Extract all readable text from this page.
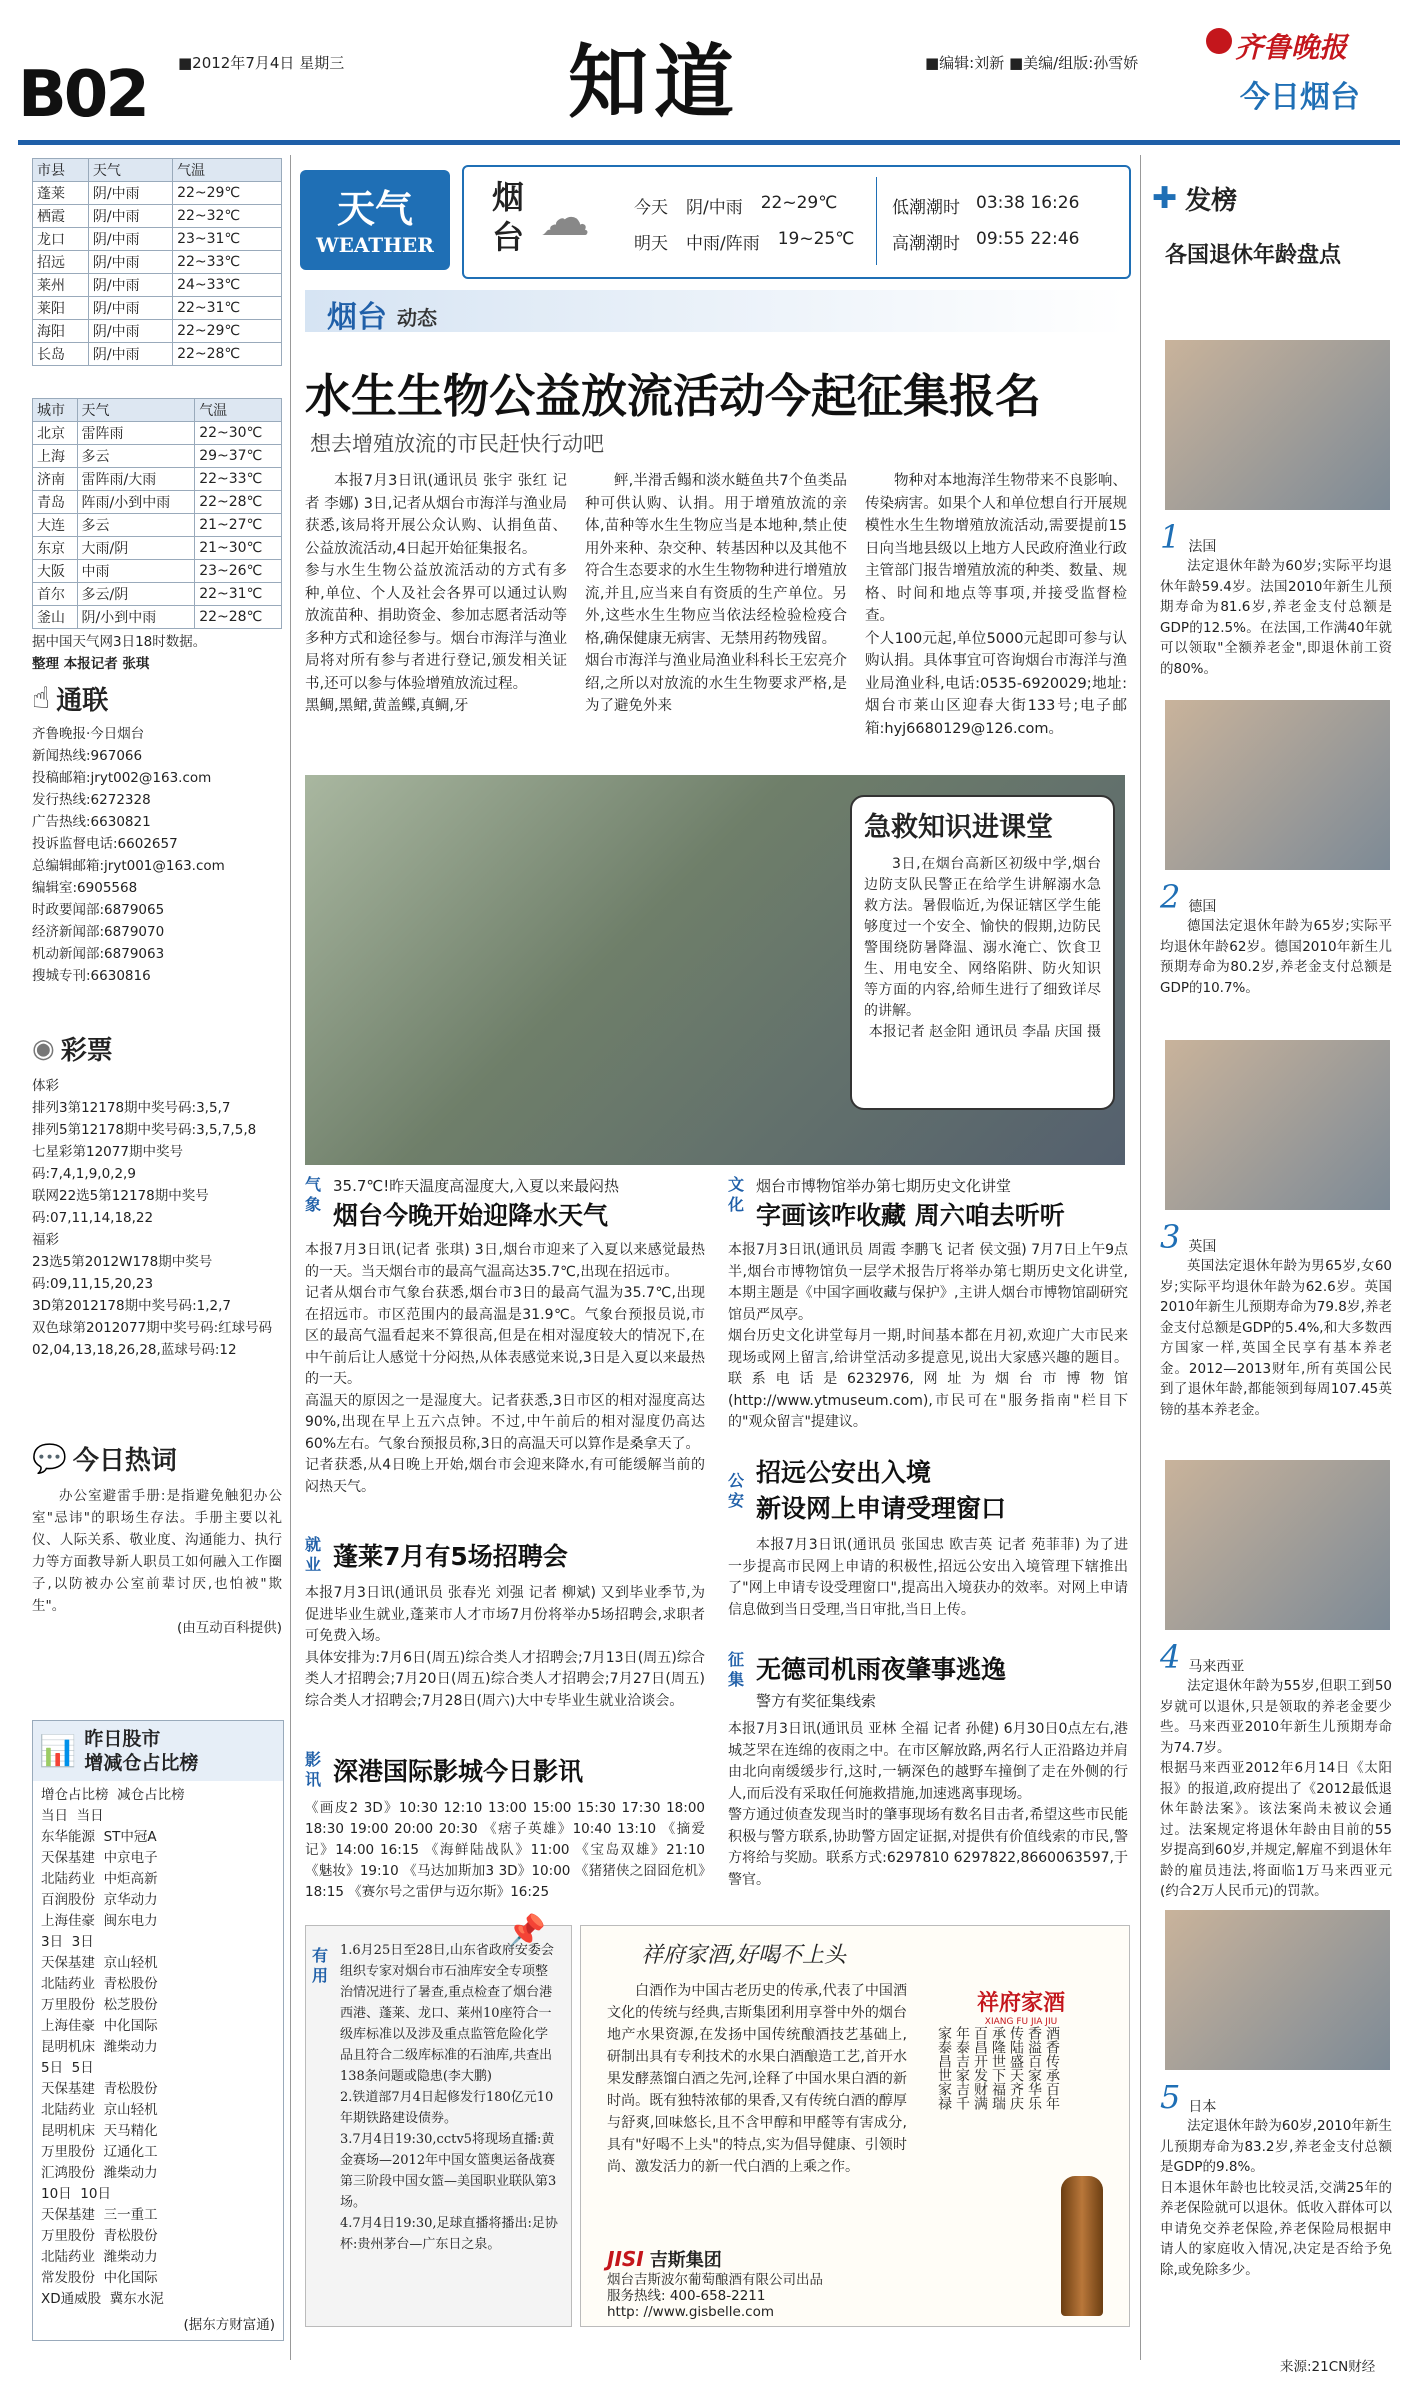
B02 ■2012年7月4日 星期三	知道	■编辑:刘新 ■美编/组版:孙雪娇	齐鲁晚报
今日烟台
市县	天气	气温
蓬莱	阴/中雨	22~29℃
栖霞	阴/中雨	22~32℃
龙口	阴/中雨	23~31℃
招远	阴/中雨	22~33℃
莱州	阴/中雨	24~33℃
莱阳	阴/中雨	22~31℃
海阳	阴/中雨	22~29℃
长岛	阴/中雨	22~28℃
城市	天气	气温
北京	雷阵雨	22~30℃
上海	多云	29~37℃
济南	雷阵雨/大雨	22~33℃
青岛	阵雨/小到中雨	22~28℃
大连	多云	21~27℃
东京	大雨/阴	21~30℃
大阪	中雨	23~26℃
首尔	多云/阴	22~31℃
釜山	阴/小到中雨	22~28℃
据中国天气网3日18时数据。
整理 本报记者 张琪
☝ 通联
齐鲁晚报·今日烟台
新闻热线:967066
投稿邮箱:jryt002@163.com
发行热线:6272328
广告热线:6630821
投诉监督电话:6602657
总编辑邮箱:jryt001@163.com
编辑室:6905568
时政要闻部:6879065
经济新闻部:6879070
机动新闻部:6879063
搜城专刊:6630816
◉ 彩票
体彩
排列3第12178期中奖号码:3,5,7
排列5第12178期中奖号码:3,5,7,5,8
七星彩第12077期中奖号码:7,4,1,9,0,2,9
联网22选5第12178期中奖号码:07,11,14,18,22
福彩
23选5第2012W178期中奖号码:09,11,15,20,23
3D第2012178期中奖号码:1,2,7
双色球第2012077期中奖号码:红球号码02,04,13,18,26,28,蓝球号码:12
💬 今日热词
办公室避雷手册:是指避免触犯办公室"忌讳"的职场生存法。手册主要以礼仪、人际关系、敬业度、沟通能力、执行力等方面教导新人职员工如何融入工作圈子,以防被办公室前辈讨厌,也怕被"欺生"。
(由互动百科提供)
📊 昨日股市
增减仓占比榜
增仓占比榜  减仓占比榜
当日  当日
东华能源  ST中冠A
天保基建  中京电子
北陆药业  中炬高新
百润股份  京华动力
上海佳豪  闽东电力
3日  3日
天保基建  京山轻机
北陆药业  青松股份
万里股份  松芝股份
上海佳豪  中化国际
昆明机床  潍柴动力
5日  5日
天保基建  青松股份
北陆药业  京山轻机
昆明机床  天马精化
万里股份  辽通化工
汇鸿股份  潍柴动力
10日  10日
天保基建  三一重工
万里股份  青松股份
北陆药业  潍柴动力
常发股份  中化国际
XD通威股  冀东水泥
(据东方财富通)
天气
WEATHER
烟台 ☁	今天 阴/中雨 22~29℃
明天 中雨/阵雨 19~25℃
低潮潮时 03:38 16:26
高潮潮时 09:55 22:46
烟台 动态
水生生物公益放流活动今起征集报名
想去增殖放流的市民赶快行动吧
本报7月3日讯(通讯员 张宇 张红 记者 李娜) 3日,记者从烟台市海洋与渔业局获悉,该局将开展公众认购、认捐鱼苗、公益放流活动,4日起开始征集报名。
参与水生生物公益放流活动的方式有多种,单位、个人及社会各界可以通过认购放流苗种、捐助资金、参加志愿者活动等多种方式和途径参与。烟台市海洋与渔业局将对所有参与者进行登记,颁发相关证书,还可以参与体验增殖放流过程。
黑鲷,黑鲪,黄盖鲽,真鲷,牙
鲆,半滑舌鳎和淡水鲢鱼共7个鱼类品种可供认购、认捐。用于增殖放流的亲体,苗种等水生生物应当是本地种,禁止使用外来种、杂交种、转基因种以及其他不符合生态要求的水生生物物种进行增殖放流,并且,应当来自有资质的生产单位。另外,这些水生生物应当依法经检验检疫合格,确保健康无病害、无禁用药物残留。
烟台市海洋与渔业局渔业科科长王宏亮介绍,之所以对放流的水生生物要求严格,是为了避免外来
物种对本地海洋生物带来不良影响、传染病害。如果个人和单位想自行开展规模性水生生物增殖放流活动,需要提前15日向当地县级以上地方人民政府渔业行政主管部门报告增殖放流的种类、数量、规格、时间和地点等事项,并接受监督检查。
个人100元起,单位5000元起即可参与认购认捐。具体事宜可咨询烟台市海洋与渔业局渔业科,电话:0535-6920029;地址:烟台市莱山区迎春大街133号;电子邮箱:hyj6680129@126.com。
急救知识进课堂
3日,在烟台高新区初级中学,烟台边防支队民警正在给学生讲解溺水急救方法。暑假临近,为保证辖区学生能够度过一个安全、愉快的假期,边防民警围绕防暑降温、溺水淹亡、饮食卫生、用电安全、网络陷阱、防火知识等方面的内容,给师生进行了细致详尽的讲解。
本报记者 赵金阳 通讯员 李晶 庆国 摄
气象
35.7℃!昨天温度高湿度大,入夏以来最闷热
烟台今晚开始迎降水天气
本报7月3日讯(记者 张琪) 3日,烟台市迎来了入夏以来感觉最热的一天。当天烟台市的最高气温高达35.7℃,出现在招远市。
记者从烟台市气象台获悉,烟台市3日的最高气温为35.7℃,出现在招远市。市区范围内的最高温是31.9℃。气象台预报员说,市区的最高气温看起来不算很高,但是在相对湿度较大的情况下,在中午前后让人感觉十分闷热,从体表感觉来说,3日是入夏以来最热的一天。
高温天的原因之一是湿度大。记者获悉,3日市区的相对湿度高达90%,出现在早上五六点钟。不过,中午前后的相对湿度仍高达60%左右。气象台预报员称,3日的高温天可以算作是桑拿天了。
记者获悉,从4日晚上开始,烟台市会迎来降水,有可能缓解当前的闷热天气。
就业 蓬莱7月有5场招聘会
本报7月3日讯(通讯员 张春光 刘强 记者 柳斌) 又到毕业季节,为促进毕业生就业,蓬莱市人才市场7月份将举办5场招聘会,求职者可免费入场。
具体安排为:7月6日(周五)综合类人才招聘会;7月13日(周五)综合类人才招聘会;7月20日(周五)综合类人才招聘会;7月27日(周五)综合类人才招聘会;7月28日(周六)大中专毕业生就业洽谈会。
影讯 深港国际影城今日影讯
《画皮2 3D》10:30 12:10 13:00 15:00 15:30 17:30 18:00 18:30 19:00 20:00 20:30 《痞子英雄》10:40 13:10 《摘爱记》14:00 16:15 《海鲜陆战队》11:00 《宝岛双雄》21:10 《魅妆》19:10 《马达加斯加3 3D》10:00 《猪猪侠之囧囧危机》18:15 《赛尔号之雷伊与迈尔斯》16:25
有用
📌
1.6月25日至28日,山东省政府安委会组织专家对烟台市石油库安全专项整治情况进行了暑查,重点检查了烟台港西港、蓬莱、龙口、莱州10座符合一级库标准以及涉及重点监管危险化学品且符合二级库标准的石油库,共查出138条问题或隐患(李大鹏)
2.铁道部7月4日起修发行180亿元10年期铁路建设债券。
3.7月4日19:30,cctv5将现场直播:黄金赛场—2012年中国女篮奥运备战赛第三阶段中国女篮—美国职业联队第3场。
4.7月4日19:30,足球直播将播出:足协杯:贵州茅台—广东日之泉。
文化
烟台市博物馆举办第七期历史文化讲堂
字画该咋收藏 周六咱去听听
本报7月3日讯(通讯员 周霞 李鹏飞 记者 侯文强) 7月7日上午9点半,烟台市博物馆负一层学术报告厅将举办第七期历史文化讲堂,本期主题是《中国字画收藏与保护》,主讲人烟台市博物馆副研究馆员严凤亭。
烟台历史文化讲堂每月一期,时间基本都在月初,欢迎广大市民来现场或网上留言,给讲堂活动多提意见,说出大家感兴趣的题目。联系电话是6232976,网址为烟台市博物馆(http://www.ytmuseum.com),市民可在"服务指南"栏目下的"观众留言"提建议。
公安
招远公安出入境
新设网上申请受理窗口
本报7月3日讯(通讯员 张国忠 欧吉英 记者 苑菲菲) 为了进一步提高市民网上申请的积极性,招远公安出入境管理下辖推出了"网上申请专设受理窗口",提高出入境获办的效率。对网上申请信息做到当日受理,当日审批,当日上传。
征集 无德司机雨夜肇事逃逸
警方有奖征集线索
本报7月3日讯(通讯员 亚林 全福 记者 孙健) 6月30日0点左右,港城芝罘在连绵的夜雨之中。在市区解放路,两名行人正沿路边并肩由北向南缓缓步行,这时,一辆深色的越野车撞倒了走在外侧的行人,而后没有采取任何施救措施,加速逃离事现场。
警方通过侦查发现当时的肇事现场有数名目击者,希望这些市民能积极与警方联系,协助警方固定证据,对提供有价值线索的市民,警方将给与奖励。联系方式:6297810 6297822,8660063597,于警官。
祥府家酒,好喝不上头
白酒作为中国古老历史的传承,代表了中国酒文化的传统与经典,吉斯集团利用享誉中外的烟台地产水果资源,在发扬中国传统酿酒技艺基础上,研制出具有专利技术的水果白酒酿造工艺,首开水果发酵蒸馏白酒之先河,诠释了中国水果白酒的新时尚。既有独特浓郁的果香,又有传统白酒的醇厚与舒爽,回味悠长,且不含甲醇和甲醛等有害成分,具有"好喝不上头"的特点,实为倡导健康、引领时尚、激发活力的新一代白酒的上乘之作。
JISI 吉斯集团
烟台吉斯波尔葡萄酿酒有限公司出品
服务热线: 400-658-2211
http: //www.gisbelle.com
祥府家酒
XIANG FU JIA JIU
酒香传承百年
香溢百家华乐
传陆盛天齐庆
承隆世下福瑞
百昌开发财满
年泰吉家吉千
家泰昌世家禄
✚ 发榜
各国退休年龄盘点
1 法国
法定退休年龄为60岁;实际平均退休年龄59.4岁。法国2010年新生儿预期寿命为81.6岁,养老金支付总额是GDP的12.5%。在法国,工作满40年就可以领取"全额养老金",即退休前工资的80%。
2 德国
德国法定退休年龄为65岁;实际平均退休年龄62岁。德国2010年新生儿预期寿命为80.2岁,养老金支付总额是GDP的10.7%。
3 英国
英国法定退休年龄为男65岁,女60岁;实际平均退休年龄为62.6岁。英国2010年新生儿预期寿命为79.8岁,养老金支付总额是GDP的5.4%,和大多数西方国家一样,英国全民享有基本养老金。2012—2013财年,所有英国公民到了退休年龄,都能领到每周107.45英镑的基本养老金。
4 马来西亚
法定退休年龄为55岁,但职工到50岁就可以退休,只是领取的养老金要少些。马来西亚2010年新生儿预期寿命为74.7岁。
根据马来西亚2012年6月14日《太阳报》的报道,政府提出了《2012最低退休年龄法案》。该法案尚未被议会通过。法案规定将退休年龄由目前的55岁提高到60岁,并规定,解雇不到退休年龄的雇员违法,将面临1万马来西亚元(约合2万人民币元)的罚款。
5 日本
法定退休年龄为60岁,2010年新生儿预期寿命为83.2岁,养老金支付总额是GDP的9.8%。
日本退休年龄也比较灵活,交满25年的养老保险就可以退休。低收入群体可以申请免交养老保险,养老保险局根据申请人的家庭收入情况,决定是否给予免除,或免除多少。
来源:21CN财经
